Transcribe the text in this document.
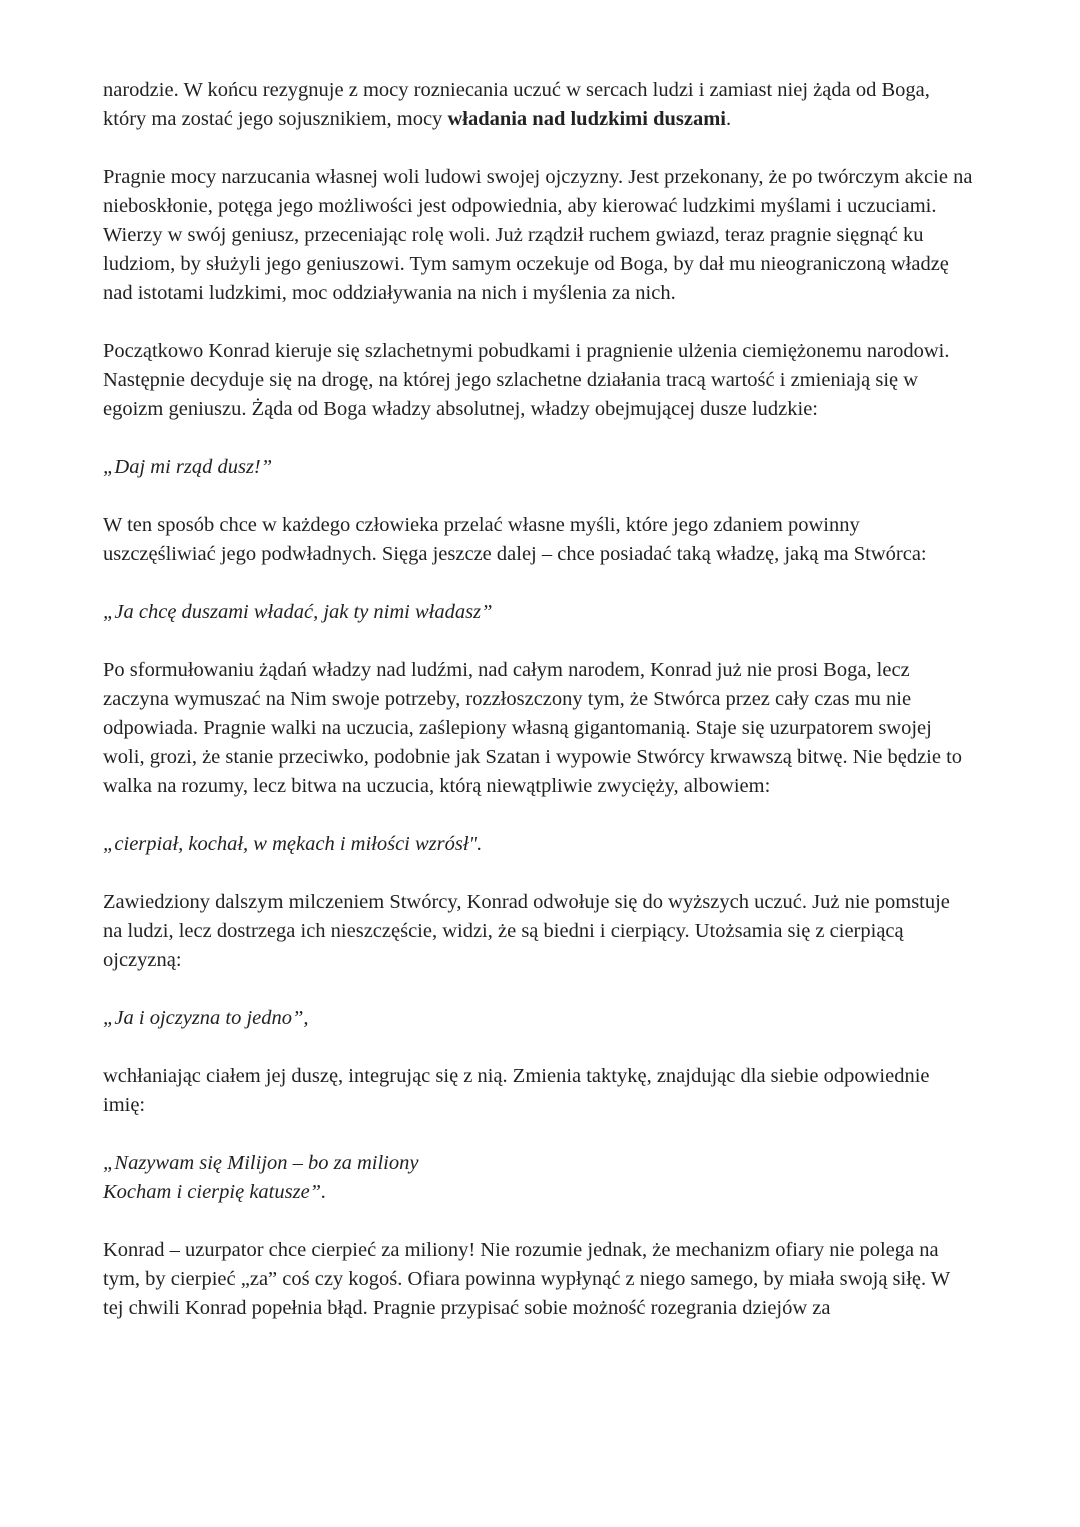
narodzie. W końcu rezygnuje z mocy rozniecania uczuć w sercach ludzi i zamiast niej żąda od Boga, który ma zostać jego sojusznikiem, mocy władania nad ludzkimi duszami.

Pragnie mocy narzucania własnej woli ludowi swojej ojczyzny. Jest przekonany, że po twórczym akcie na nieboskłonie, potęga jego możliwości jest odpowiednia, aby kierować ludzkimi myślami i uczuciami. Wierzy w swój geniusz, przeceniając rolę woli. Już rządził ruchem gwiazd, teraz pragnie sięgnąć ku ludziom, by służyli jego geniuszowi. Tym samym oczekuje od Boga, by dał mu nieograniczoną władzę nad istotami ludzkimi, moc oddziaływania na nich i myślenia za nich.

Początkowo Konrad kieruje się szlachetnymi pobudkami i pragnienie ulżenia ciemiężonemu narodowi. Następnie decyduje się na drogę, na której jego szlachetne działania tracą wartość i zmieniają się w egoizm geniuszu. Żąda od Boga władzy absolutnej, władzy obejmującej dusze ludzkie:

„Daj mi rząd dusz!”

W ten sposób chce w każdego człowieka przelać własne myśli, które jego zdaniem powinny uszczęśliwiać jego podwładnych. Sięga jeszcze dalej – chce posiadać taką władzę, jaką ma Stwórca:

„Ja chcę duszami władać, jak ty nimi władasz”

Po sformułowaniu żądań władzy nad ludźmi, nad całym narodem, Konrad już nie prosi Boga, lecz zaczyna wymuszać na Nim swoje potrzeby, rozzłoszczony tym, że Stwórca przez cały czas mu nie odpowiada. Pragnie walki na uczucia, zaślepiony własną gigantomanią. Staje się uzurpatorem swojej woli, grozi, że stanie przeciwko, podobnie jak Szatan i wypowie Stwórcy krwawszą bitwę. Nie będzie to walka na rozumy, lecz bitwa na uczucia, którą niewątpliwie zwycięży, albowiem:

„cierpiał, kochał, w mękach i miłości wzrósł".

Zawiedziony dalszym milczeniem Stwórcy, Konrad odwołuje się do wyższych uczuć. Już nie pomstuje na ludzi, lecz dostrzega ich nieszczęście, widzi, że są biedni i cierpiący. Utożsamia się z cierpiącą ojczyzną:

„Ja i ojczyzna to jedno”,

wchłaniając ciałem jej duszę, integrując się z nią. Zmienia taktykę, znajdując dla siebie odpowiednie imię:

„Nazywam się Milijon – bo za miliony
Kocham i cierpię katusze”.

Konrad – uzurpator chce cierpieć za miliony! Nie rozumie jednak, że mechanizm ofiary nie polega na tym, by cierpieć „za” coś czy kogoś. Ofiara powinna wypłynąć z niego samego, by miała swoją siłę. W tej chwili Konrad popełnia błąd. Pragnie przypisać sobie możność rozegrania dziejów za
